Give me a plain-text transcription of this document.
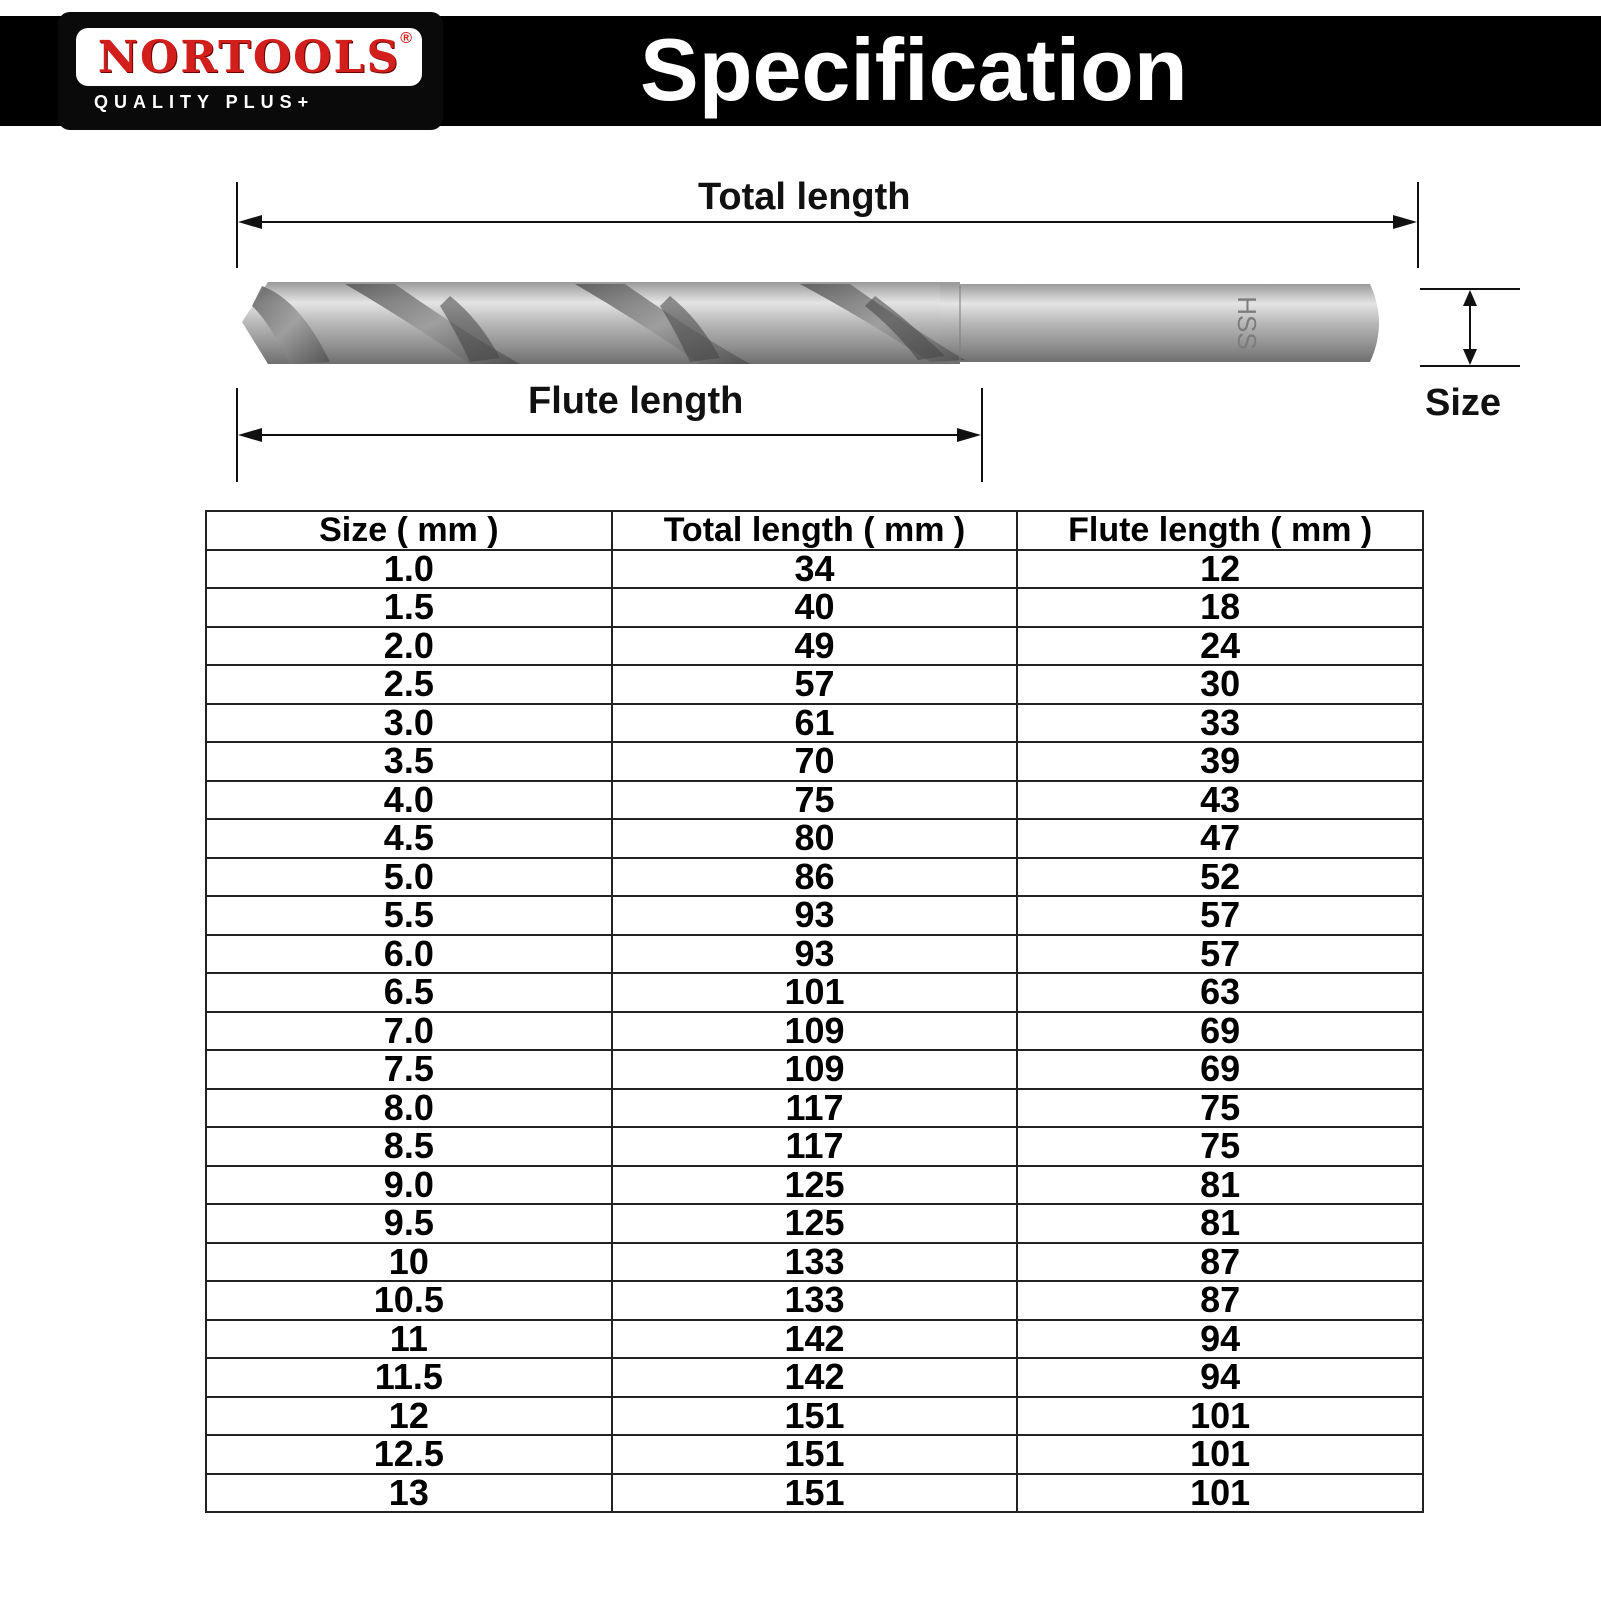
NORTOOLS ®
QUALITY PLUS+	Specification
HSS
Total length
Flute length	Size
Size ( mm )	Total length ( mm )	Flute length ( mm )
1.0	34	12
1.5	40	18
2.0	49	24
2.5	57	30
3.0	61	33
3.5	70	39
4.0	75	43
4.5	80	47
5.0	86	52
5.5	93	57
6.0	93	57
6.5	101	63
7.0	109	69
7.5	109	69
8.0	117	75
8.5	117	75
9.0	125	81
9.5	125	81
10	133	87
10.5	133	87
11	142	94
11.5	142	94
12	151	101
12.5	151	101
13	151	101
